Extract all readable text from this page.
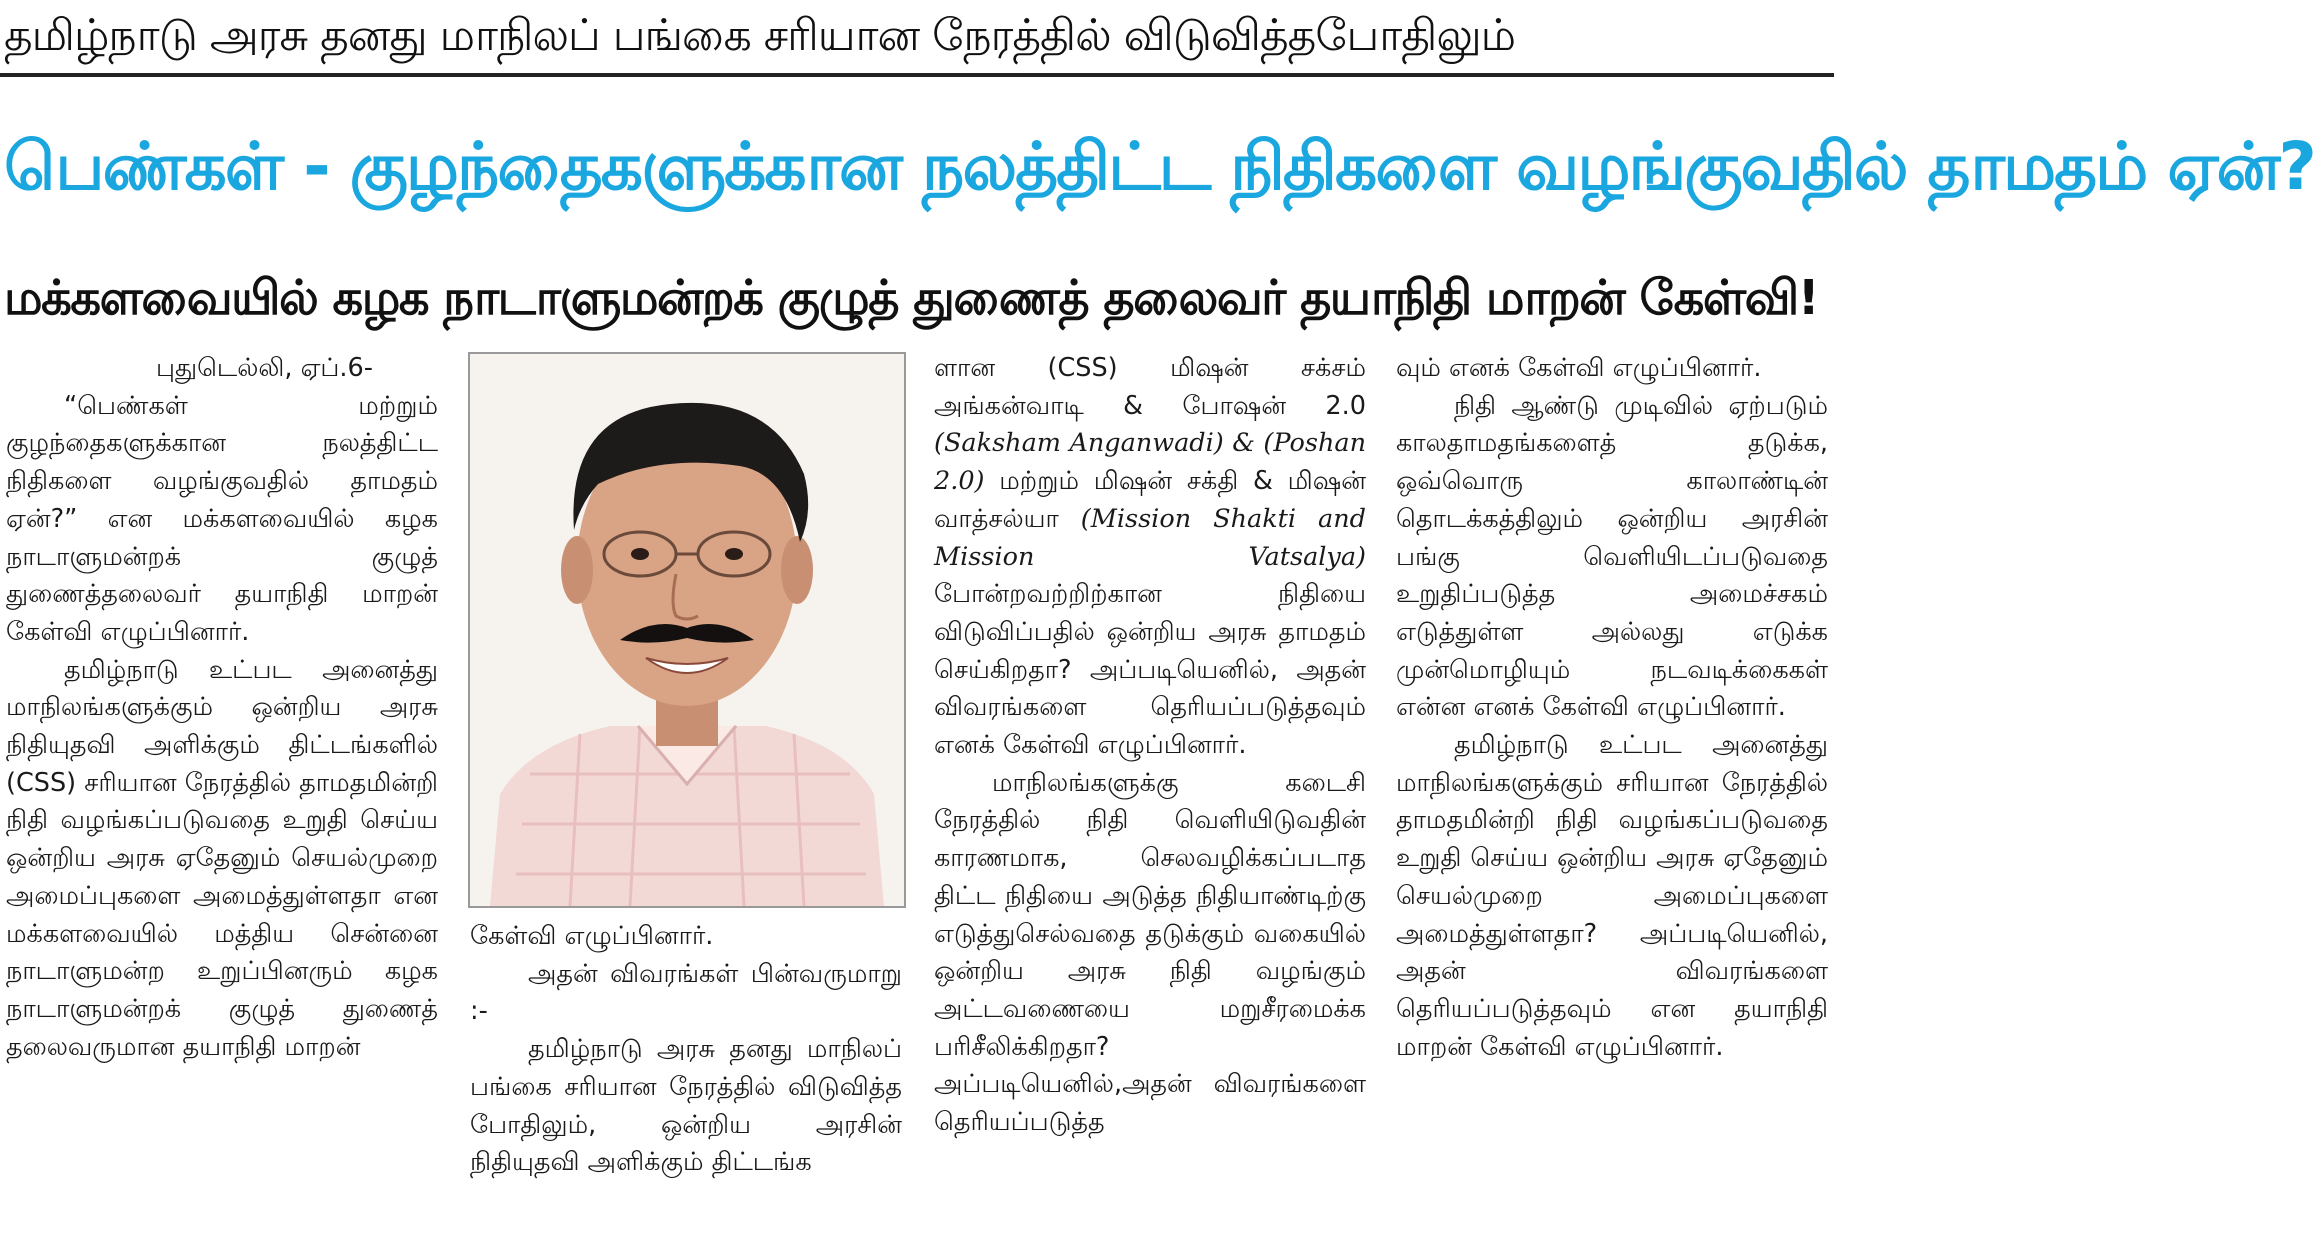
தமிழ்நாடு அரசு தனது மாநிலப் பங்கை சரியான நேரத்தில் விடுவித்தபோதிலும்
பெண்கள் - குழந்தைகளுக்கான நலத்திட்ட நிதிகளை வழங்குவதில் தாமதம் ஏன்?
மக்களவையில் கழக நாடாளுமன்றக் குழுத் துணைத் தலைவர் தயாநிதி மாறன் கேள்வி!
புதுடெல்லி, ஏப்.6-

“பெண்கள் மற்றும் குழந்தைகளுக்கான நலத்திட்ட நிதிகளை வழங்குவதில் தாமதம் ஏன்?” என மக்களவையில் கழக நாடாளுமன்றக் குழுத் துணைத்தலைவர் தயாநிதி மாறன் கேள்வி எழுப்பினார்.

தமிழ்நாடு உட்பட அனைத்து மாநிலங்களுக்கும் ஒன்றிய அரசு நிதியுதவி அளிக்கும் திட்டங்களில் (CSS) சரியான நேரத்தில் தாமதமின்றி நிதி வழங்கப்படுவதை உறுதி செய்ய ஒன்றிய அரசு ஏதேனும் செயல்முறை அமைப்புகளை அமைத்துள்ளதா என மக்களவையில் மத்திய சென்னை நாடாளுமன்ற உறுப்பினரும் கழக நாடாளுமன்றக் குழுத் துணைத் தலைவருமான தயாநிதி மாறன்

கேள்வி எழுப்பினார்.

அதன் விவரங்கள் பின்வருமாறு :-

தமிழ்நாடு அரசு தனது மாநிலப் பங்கை சரியான நேரத்தில் விடுவித்த போதிலும், ஒன்றிய அரசின் நிதியுதவி அளிக்கும் திட்டங்க

ளான (CSS) மிஷன் சக்சம் அங்கன்வாடி & போஷன் 2.0 (Saksham Anganwadi) & (Poshan 2.0) மற்றும் மிஷன் சக்தி & மிஷன் வாத்சல்யா (Mission Shakti and Mission Vatsalya) போன்றவற்றிற்கான நிதியை விடுவிப்பதில் ஒன்றிய அரசு தாமதம் செய்கிறதா? அப்படியெனில், அதன் விவரங்களை தெரியப்படுத்தவும் எனக் கேள்வி எழுப்பினார்.

மாநிலங்களுக்கு கடைசி நேரத்தில் நிதி வெளியிடுவதின் காரணமாக, செலவழிக்கப்படாத திட்ட நிதியை அடுத்த நிதியாண்டிற்கு எடுத்துசெல்வதை தடுக்கும் வகையில் ஒன்றிய அரசு நிதி வழங்கும் அட்டவணையை மறுசீரமைக்க பரிசீலிக்கிறதா? அப்படியெனில்,அதன் விவரங்களை தெரியப்படுத்த

வும் எனக் கேள்வி எழுப்பினார்.

நிதி ஆண்டு முடிவில் ஏற்படும் காலதாமதங்களைத் தடுக்க, ஒவ்வொரு காலாண்டின் தொடக்கத்திலும் ஒன்றிய அரசின் பங்கு வெளியிடப்படுவதை உறுதிப்படுத்த அமைச்சகம் எடுத்துள்ள அல்லது எடுக்க முன்மொழியும் நடவடிக்கைகள் என்ன எனக் கேள்வி எழுப்பினார்.

தமிழ்நாடு உட்பட அனைத்து மாநிலங்களுக்கும் சரியான நேரத்தில் தாமதமின்றி நிதி வழங்கப்படுவதை உறுதி செய்ய ஒன்றிய அரசு ஏதேனும் செயல்முறை அமைப்புகளை அமைத்துள்ளதா? அப்படியெனில், அதன் விவரங்களை தெரியப்படுத்தவும் என தயாநிதி மாறன் கேள்வி எழுப்பினார்.
